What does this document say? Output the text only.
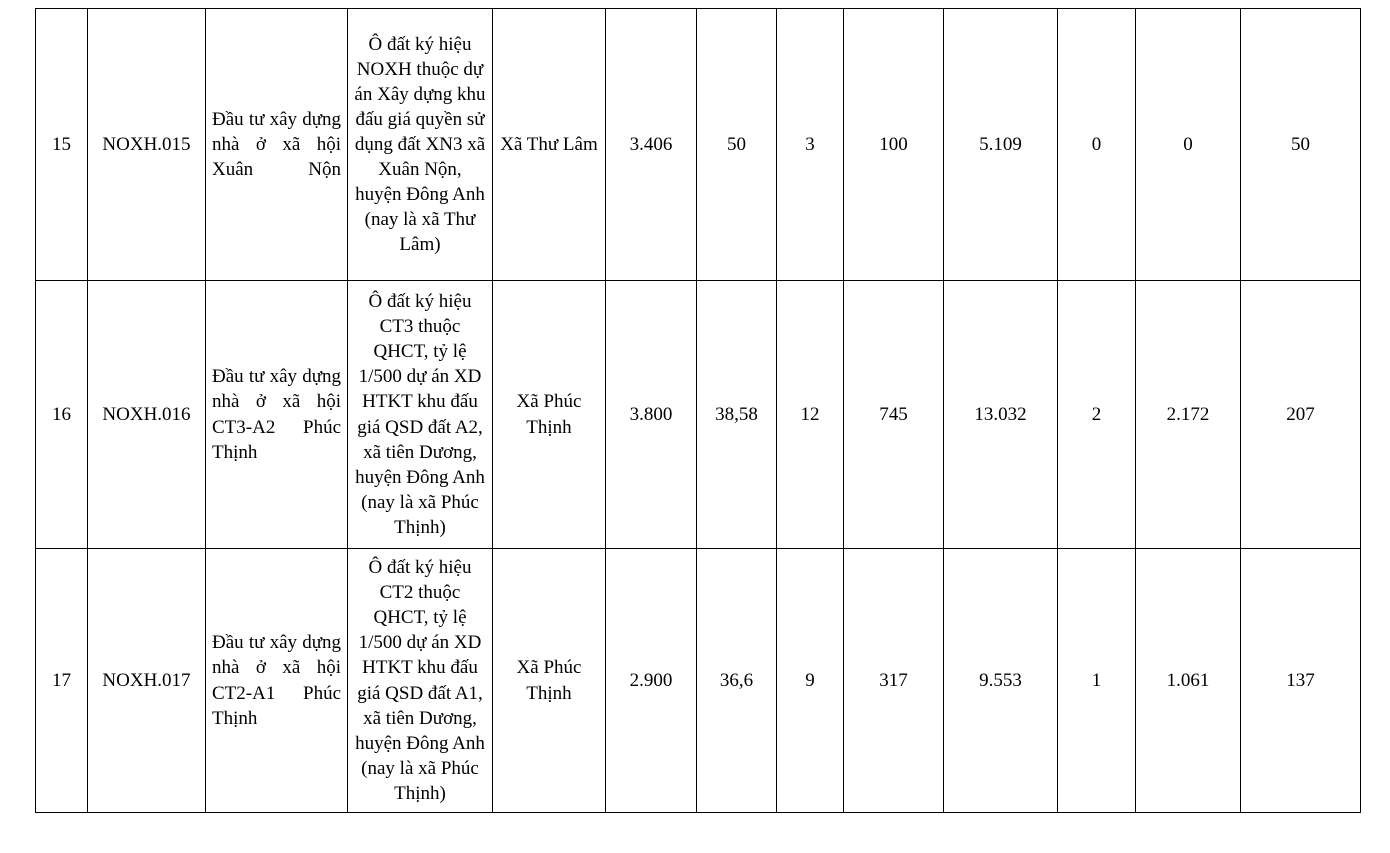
15	NOXH.015	Đầu tư xây dựng nhà ở xã hội Xuân Nộn	Ô đất ký hiệu NOXH thuộc dự án Xây dựng khu đấu giá quyền sử dụng đất XN3 xã Xuân Nộn, huyện Đông Anh (nay là xã Thư Lâm)	Xã Thư Lâm	3.406	50	3	100	5.109	0	0	50
16	NOXH.016	Đầu tư xây dựng nhà ở xã hội CT3-A2 Phúc Thịnh	Ô đất ký hiệu CT3 thuộc QHCT, tỷ lệ 1/500 dự án XD HTKT khu đấu giá QSD đất A2, xã tiên Dương, huyện Đông Anh (nay là xã Phúc Thịnh)	Xã Phúc Thịnh	3.800	38,58	12	745	13.032	2	2.172	207
17	NOXH.017	Đầu tư xây dựng nhà ở xã hội CT2-A1 Phúc Thịnh	Ô đất ký hiệu CT2 thuộc QHCT, tỷ lệ 1/500 dự án XD HTKT khu đấu giá QSD đất A1, xã tiên Dương, huyện Đông Anh (nay là xã Phúc Thịnh)	Xã Phúc Thịnh	2.900	36,6	9	317	9.553	1	1.061	137
